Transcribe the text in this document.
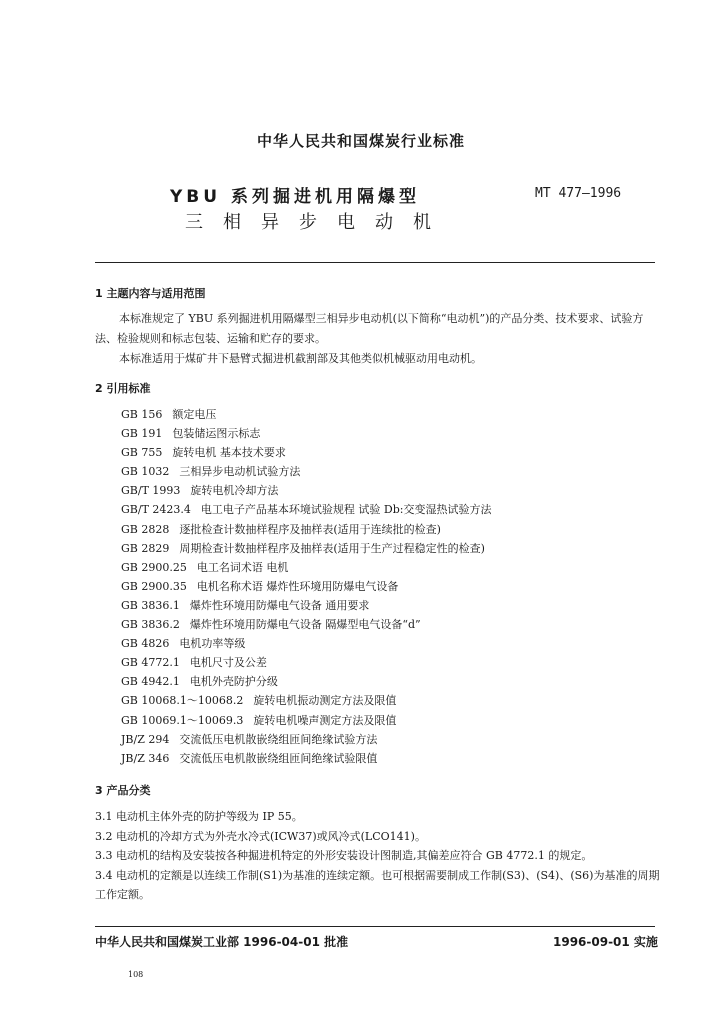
中华人民共和国煤炭行业标准
YBU 系列掘进机用隔爆型
三相异步电动机
MT 477—1996
1 主题内容与适用范围

本标准规定了 YBU 系列掘进机用隔爆型三相异步电动机(以下简称“电动机”)的产品分类、技术要求、试验方法、检验规则和标志包装、运输和贮存的要求。

本标准适用于煤矿井下悬臂式掘进机截割部及其他类似机械驱动用电动机。

2 引用标准
GB 156 额定电压
GB 191 包装储运图示标志
GB 755 旋转电机 基本技术要求
GB 1032 三相异步电动机试验方法
GB/T 1993 旋转电机冷却方法
GB/T 2423.4 电工电子产品基本环境试验规程 试验 Db:交变湿热试验方法
GB 2828 逐批检查计数抽样程序及抽样表(适用于连续批的检查)
GB 2829 周期检查计数抽样程序及抽样表(适用于生产过程稳定性的检查)
GB 2900.25 电工名词术语 电机
GB 2900.35 电机名称术语 爆炸性环境用防爆电气设备
GB 3836.1 爆炸性环境用防爆电气设备 通用要求
GB 3836.2 爆炸性环境用防爆电气设备 隔爆型电气设备“d”
GB 4826 电机功率等级
GB 4772.1 电机尺寸及公差
GB 4942.1 电机外壳防护分级
GB 10068.1～10068.2 旋转电机振动测定方法及限值
GB 10069.1～10069.3 旋转电机噪声测定方法及限值
JB/Z 294 交流低压电机散嵌绕组匝间绝缘试验方法
JB/Z 346 交流低压电机散嵌绕组匝间绝缘试验限值
3 产品分类

3.1 电动机主体外壳的防护等级为 IP 55。

3.2 电动机的冷却方式为外壳水冷式(ICW37)或风冷式(LCO141)。

3.3 电动机的结构及安装按各种掘进机特定的外形安装设计图制造,其偏差应符合 GB 4772.1 的规定。

3.4 电动机的定额是以连续工作制(S1)为基准的连续定额。也可根据需要制成工作制(S3)、(S4)、(S6)为基准的周期工作定额。

中华人民共和国煤炭工业部 1996-04-01 批准	1996-09-01 实施
108
